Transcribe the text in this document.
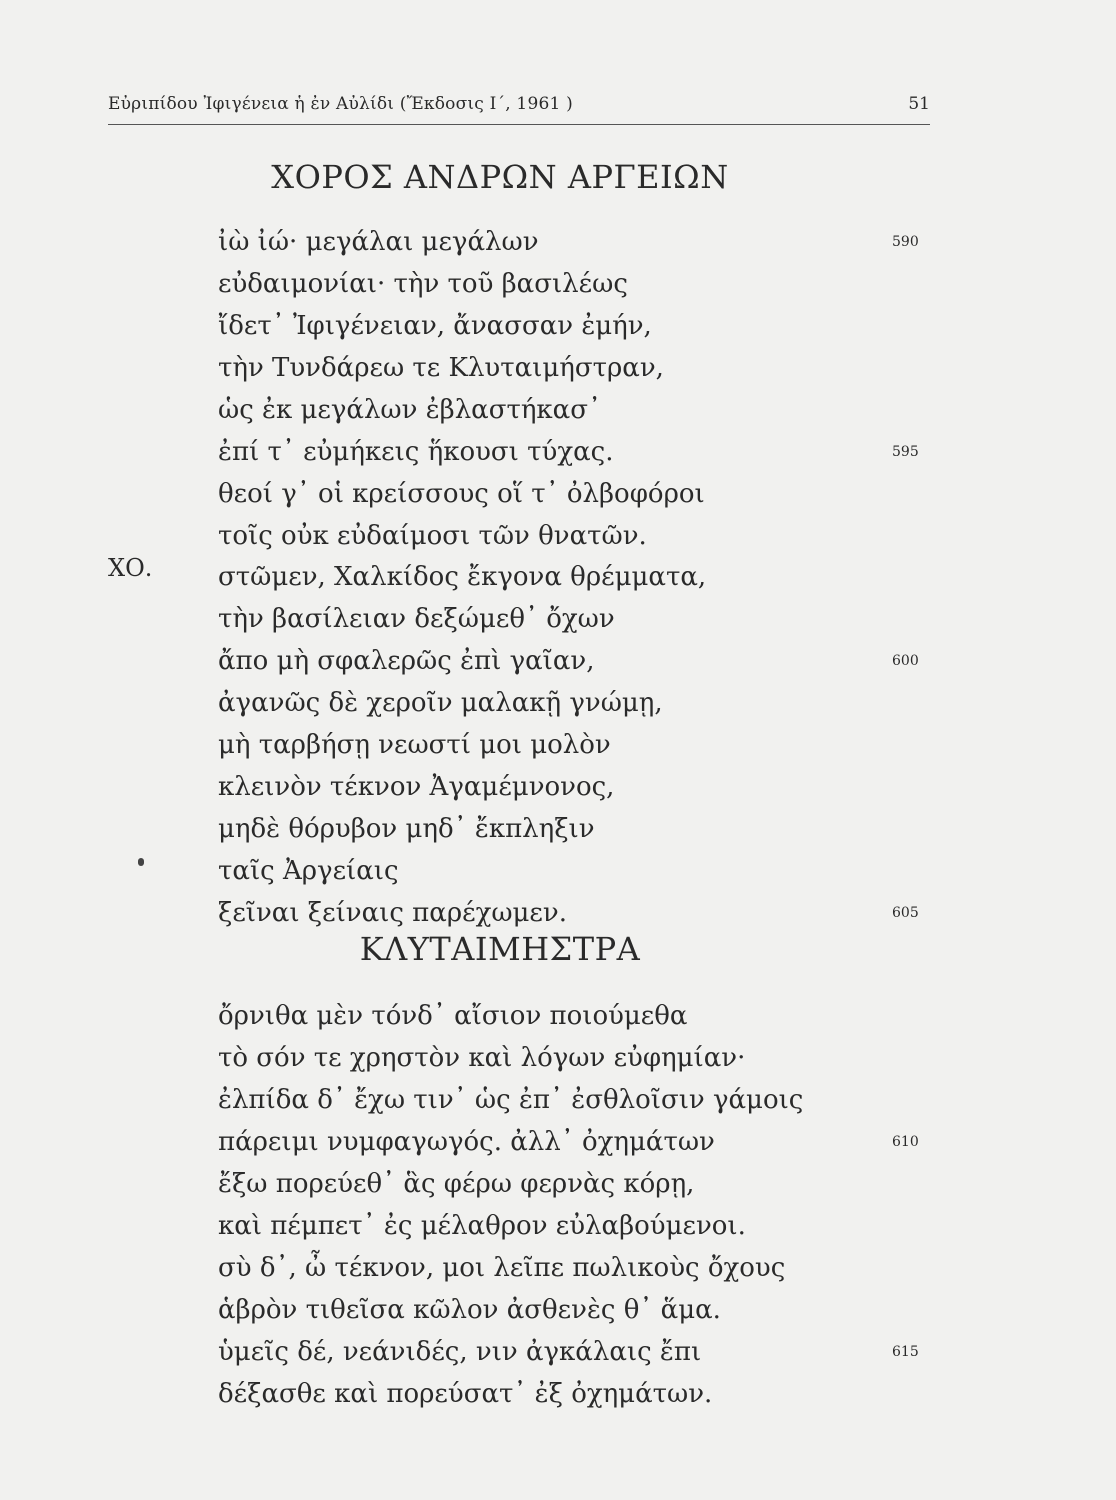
Εὐριπίδου Ἰφιγένεια ἡ ἐν Αὐλίδι (Ἔκδοσις Ι΄, 1961 )	51
ΧΟΡΟΣ ΑΝΔΡΩΝ ΑΡΓΕΙΩΝ
ἰὼ ἰώ· μεγάλαι μεγάλων
εὐδαιμονίαι· τὴν τοῦ βασιλέως
ἴδετ᾽ Ἰφιγένειαν, ἄνασσαν ἐμήν,
τὴν Τυνδάρεω τε Κλυταιμήστραν,
ὡς ἐκ μεγάλων ἐβλαστήκασ᾽
ἐπί τ᾽ εὐμήκεις ἥκουσι τύχας.
θεοί γ᾽ οἱ κρείσσους οἵ τ᾽ ὀλβοφόροι
τοῖς οὐκ εὐδαίμοσι τῶν θνατῶν.
ΧΟ.	στῶμεν, Χαλκίδος ἔκγονα θρέμματα,
τὴν βασίλειαν δεξώμεθ᾽ ὄχων
ἄπο μὴ σφαλερῶς ἐπὶ γαῖαν,
ἀγανῶς δὲ χεροῖν μαλακῇ γνώμῃ,
μὴ ταρβήσῃ νεωστί μοι μολὸν
κλεινὸν τέκνον Ἀγαμέμνονος,
μηδὲ θόρυβον μηδ᾽ ἔκπληξιν
ταῖς Ἀργείαις
ξεῖναι ξείναις παρέχωμεν.
590
595
600
605
ΚΛΥΤΑΙΜΗΣΤΡΑ
ὄρνιθα μὲν τόνδ᾽ αἴσιον ποιούμεθα
τὸ σόν τε χρηστὸν καὶ λόγων εὐφημίαν·
ἐλπίδα δ᾽ ἔχω τιν᾽ ὡς ἐπ᾽ ἐσθλοῖσιν γάμοις
πάρειμι νυμφαγωγός. ἀλλ᾽ ὀχημάτων
ἔξω πορεύεθ᾽ ἃς φέρω φερνὰς κόρῃ,
καὶ πέμπετ᾽ ἐς μέλαθρον εὐλαβούμενοι.
σὺ δ᾽, ὦ τέκνον, μοι λεῖπε πωλικοὺς ὄχους
ἁβρὸν τιθεῖσα κῶλον ἀσθενὲς θ᾽ ἅμα.
ὑμεῖς δέ, νεάνιδές, νιν ἀγκάλαις ἔπι
δέξασθε καὶ πορεύσατ᾽ ἐξ ὀχημάτων.
610
615
